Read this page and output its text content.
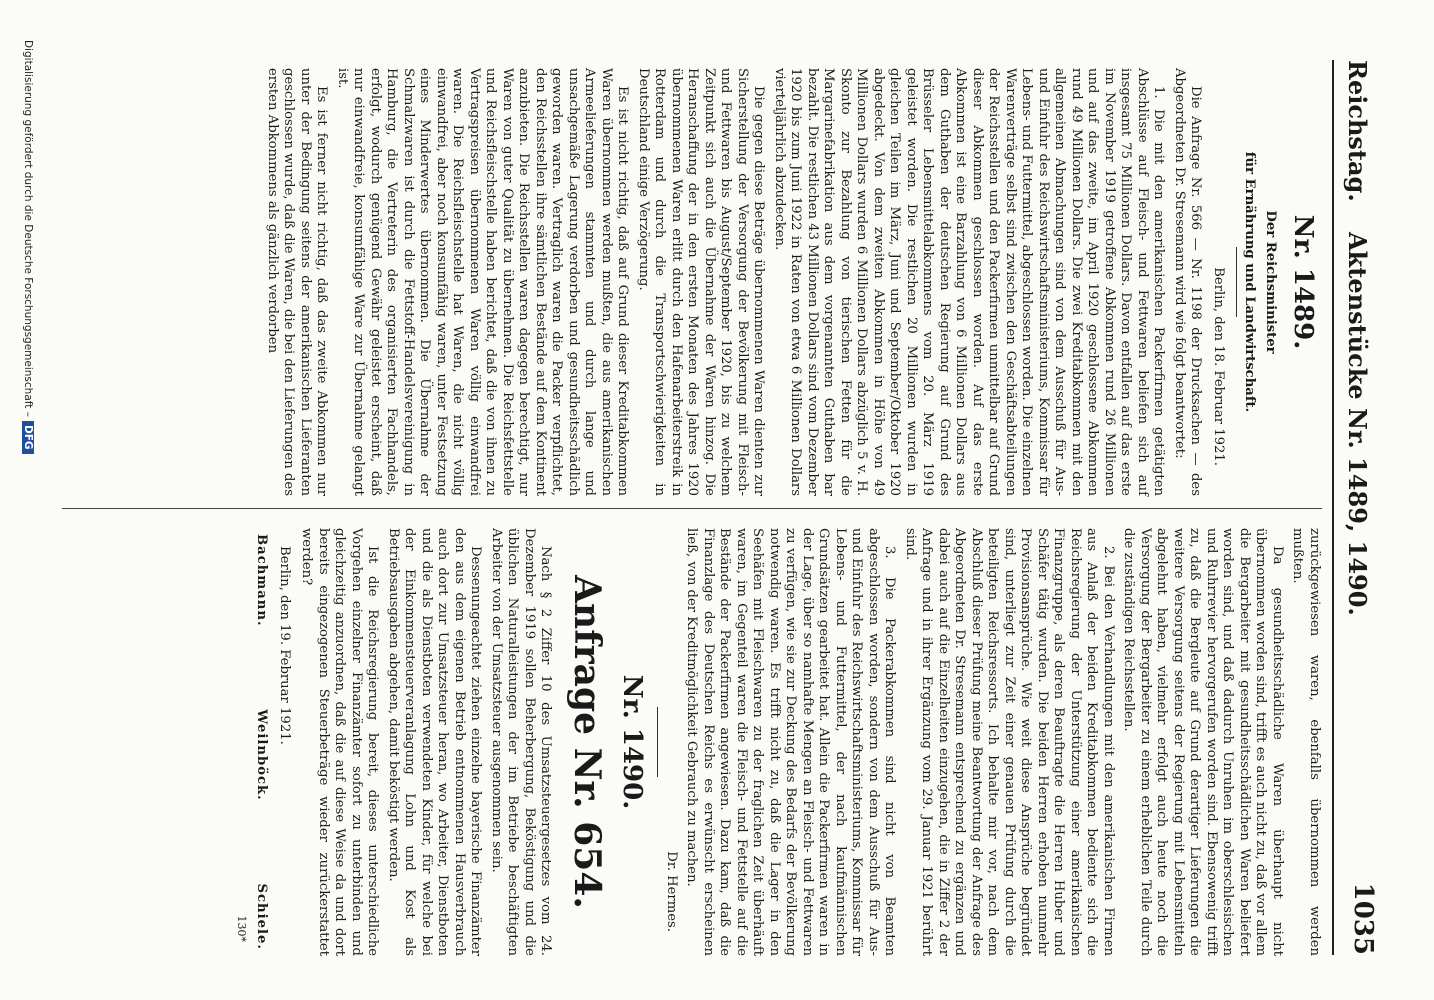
Reichstag. Aktenstücke Nr. 1489, 1490.
1035
Nr. 1489.

Der Reichsminister

für Ernährung und Landwirtschaft.

Berlin, den 18. Februar 1921.

Die Anfrage Nr. 566 — Nr. 1198 der Drucksachen — des Abgeordneten Dr. Stresemann wird wie folgt beantwortet:

1. Die mit den amerikanischen Packerfirmen getätigten Abschlüsse auf Fleisch- und Fettwaren beliefen sich auf insgesamt 75 Millionen Dollars. Davon entfallen auf das erste im November 1919 getroffene Abkommen rund 26 Millionen und auf das zweite, im April 1920 geschlossene Abkommen rund 49 Millionen Dollars. Die zwei Kreditabkommen mit den allgemeinen Abmachungen sind von dem Ausschuß für Aus- und Einfuhr des Reichswirtschaftsministeriums, Kommissar für Lebens- und Futtermittel, abgeschlossen worden. Die einzelnen Warenverträge selbst sind zwischen den Geschäftsabteilungen der Reichsstellen und den Packerfirmen unmittelbar auf Grund dieser Abkommen geschlossen worden. Auf das erste Abkommen ist eine Barzahlung von 6 Millionen Dollars aus dem Guthaben der deutschen Regierung auf Grund des Brüsseler Lebensmittelabkommens vom 20. März 1919 geleistet worden. Die restlichen 20 Millionen wurden in gleichen Teilen im März, Juni und September/Oktober 1920 abgedeckt. Von dem zweiten Abkommen in Höhe von 49 Millionen Dollars wurden 6 Millionen Dollars abzüglich 5 v. H. Skonto zur Bezahlung von tierischen Fetten für die Margarinefabrikation aus dem vorgenannten Guthaben bar bezahlt. Die restlichen 43 Millionen Dollars sind vom Dezember 1920 bis zum Juni 1922 in Raten von etwa 6 Millionen Dollars vierteljährlich abzudecken.

Die gegen diese Beträge übernommenen Waren dienten zur Sicherstellung der Versorgung der Bevölkerung mit Fleisch- und Fettwaren bis August/September 1920, bis zu welchem Zeitpunkt sich auch die Übernahme der Waren hinzog. Die Heranschaffung der in den ersten Monaten des Jahres 1920 übernommenen Waren erlitt durch den Hafenarbeiterstreik in Rotterdam und durch die Transportschwierigkeiten in Deutschland einige Verzögerung.

Es ist nicht richtig, daß auf Grund dieser Kreditabkommen Waren übernommen werden mußten, die aus amerikanischen Armeelieferungen stammten und durch lange und unsachgemäße Lagerung verdorben und gesundheitsschädlich geworden waren. Vertraglich waren die Packer verpflichtet, den Reichsstellen ihre sämtlichen Bestände auf dem Kontinent anzubieten. Die Reichsstellen waren dagegen berechtigt, nur Waren von guter Qualität zu übernehmen. Die Reichsfettstelle und Reichsfleischstelle haben berichtet, daß die von ihnen zu Vertragspreisen übernommenen Waren völlig einwandfrei waren. Die Reichsfleischstelle hat Waren, die nicht völlig einwandfrei, aber noch konsumfähig waren, unter Festsetzung eines Minderwertes übernommen. Die Übernahme der Schmalzwaren ist durch die Fettstoff-Handelsvereinigung in Hamburg, die Vertreterin des organisierten Fachhandels, erfolgt, wodurch genügend Gewähr geleistet erscheint, daß nur einwandfreie, konsumfähige Ware zur Übernahme gelangt ist.

Es ist ferner nicht richtig, daß das zweite Abkommen nur unter der Bedingung seitens der amerikanischen Lieferanten geschlossen wurde, daß die Waren, die bei den Lieferungen des ersten Abkommens als gänzlich verdorben

zurückgewiesen waren, ebenfalls übernommen werden mußten.

Da gesundheitsschädliche Waren überhaupt nicht übernommen worden sind, trifft es auch nicht zu, daß vor allem die Bergarbeiter mit gesundheitsschädlichen Waren beliefert worden sind, und daß dadurch Unruhen im oberschlesischen und Ruhrrevier hervorgerufen worden sind. Ebensowenig trifft zu, daß die Bergleute auf Grund derartiger Lieferungen die weitere Versorgung seitens der Regierung mit Lebensmitteln abgelehnt haben, vielmehr erfolgt auch heute noch die Versorgung der Bergarbeiter zu einem erheblichen Teile durch die zuständigen Reichsstellen.

2. Bei den Verhandlungen mit den amerikanischen Firmen aus Anlaß der beiden Kreditabkommen bediente sich die Reichsregierung der Unterstützung einer amerikanischen Finanzgruppe, als deren Beauftragte die Herren Huber und Schäfer tätig wurden. Die beiden Herren erhoben nunmehr Provisionsansprüche. Wie weit diese Ansprüche begründet sind, unterliegt zur Zeit einer genauen Prüfung durch die beteiligten Reichsressorts. Ich behalte mir vor, nach dem Abschluß dieser Prüfung meine Beantwortung der Anfrage des Abgeordneten Dr. Stresemann entsprechend zu ergänzen und dabei auch auf die Einzelheiten einzugehen, die in Ziffer 2 der Anfrage und in ihrer Ergänzung vom 29. Januar 1921 berührt sind.

3. Die Packerabkommen sind nicht von Beamten abgeschlossen worden, sondern von dem Ausschuß für Aus- und Einfuhr des Reichswirtschaftsministeriums, Kommissar für Lebens- und Futtermittel, der nach kaufmännischen Grundsätzen gearbeitet hat. Allein die Packerfirmen waren in der Lage, über so namhafte Mengen an Fleisch- und Fettwaren zu verfügen, wie sie zur Deckung des Bedarfs der Bevölkerung notwendig waren. Es trifft nicht zu, daß die Lager in den Seehäfen mit Fleischwaren zu der fraglichen Zeit überhäuft waren, im Gegenteil waren die Fleisch- und Fettstelle auf die Bestände der Packerfirmen angewiesen. Dazu kam, daß die Finanzlage des Deutschen Reichs es erwünscht erscheinen ließ, von der Kreditmöglichkeit Gebrauch zu machen.

Dr. Hermes.

Nr. 1490.
Anfrage Nr. 654.

Nach § 2 Ziffer 10 des Umsatzsteuergesetzes vom 24. Dezember 1919 sollen Beherbergung, Beköstigung und die üblichen Naturalleistungen der im Betriebe beschäftigten Arbeiter von der Umsatzsteuer ausgenommen sein.

Dessenungeachtet ziehen einzelne bayerische Finanzämter den aus dem eigenen Betrieb entnommenen Hausverbrauch auch dort zur Umsatzsteuer heran, wo Arbeiter, Dienstboten und die als Dienstboten verwendeten Kinder, für welche bei der Einkommensteuerveranlagung Lohn und Kost als Betriebsausgaben abgehen, damit beköstigt werden.

Ist die Reichsregierung bereit, dieses unterschiedliche Vorgehen einzelner Finanzämter sofort zu unterbinden und gleichzeitig anzuordnen, daß die auf diese Weise da und dort bereits eingezogenen Steuerbeträge wieder zurückerstattet werden?

Berlin, den 19. Februar 1921.

Bachmann.
Weilnböck.
Schiele.
130*
Digitalisierung gefördert durch die Deutsche Forschungsgemeinschaft –DFG
